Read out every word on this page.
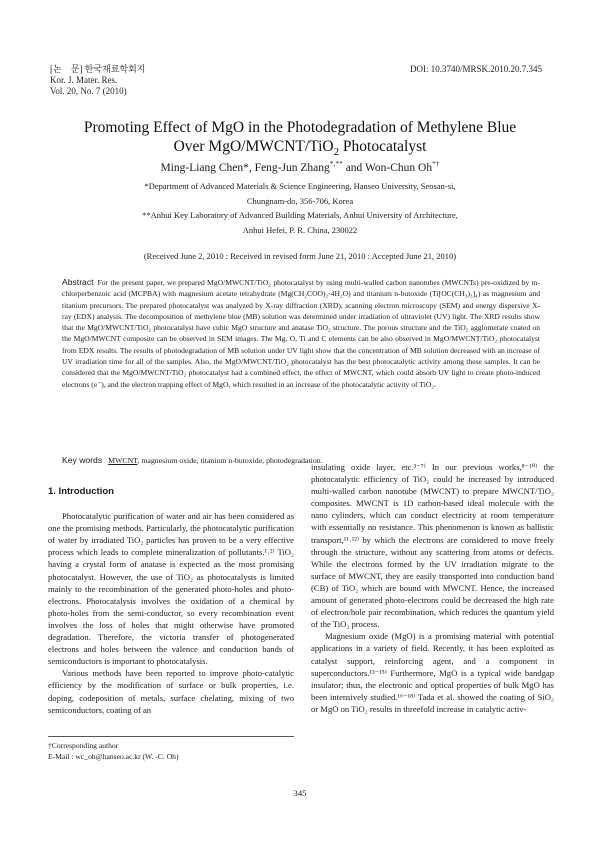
[논　문] 한국재료학회지
Kor. J. Mater. Res.
Vol. 20, No. 7 (2010)
DOI: 10.3740/MRSK.2010.20.7.345
Promoting Effect of MgO in the Photodegradation of Methylene Blue
Over MgO/MWCNT/TiO$_2$ Photocatalyst
Ming-Liang Chen*, Feng-Jun Zhang*,** and Won-Chun Oh*†
*Department of Advanced Materials & Science Engineering, Hanseo University, Seosan-si,
Chungnam-do, 356-706, Korea
**Anhui Key Laboratory of Advanced Building Materials, Anhui University of Architecture,
Anhui Hefei, P. R. China, 230022
(Received June 2, 2010 : Received in revised form June 21, 2010 : Accepted June 21, 2010)
Abstract For the present paper, we prepared MgO/MWCNT/TiO₂ photocatalyst by using multi-walled carbon nanotubes (MWCNTs) pre-oxidized by m-chlorperbenzoic acid (MCPBA) with magnesium acetate tetrahydrate (Mg(CH₂COO)₂·4H₂O) and titanium n-butoxide (Ti[OC(CH₃)₃]₄) as magnesium and titanium precursors. The prepared photocatalyst was analyzed by X-ray diffraction (XRD), scanning electron microscopy (SEM) and energy dispersive X-ray (EDX) analysis. The decomposition of methylene blue (MB) solution was determined under irradiation of ultraviolet (UV) light. The XRD results show that the MgO/MWCNT/TiO₂ photocatalyst have cubic MgO structure and anatase TiO₂ structure. The porous structure and the TiO₂ agglomerate coated on the MgO/MWCNT composite can be observed in SEM images. The Mg, O, Ti and C elements can be also observed in MgO/MWCNT/TiO₂ photocatalyst from EDX results. The results of photodegradation of MB solution under UV light show that the concentration of MB solution decreased with an increase of UV irradiation time for all of the samples. Also, the MgO/MWCNT/TiO₂ photocatalyst has the best photocatalytic activity among these samples. It can be considered that the MgO/MWCNT/TiO₂ photocatalyst had a combined effect, the effect of MWCNT, which could absorb UV light to create photo-induced electrons (e⁻), and the electron trapping effect of MgO, which resulted in an increase of the photocatalytic activity of TiO₂.
Key words MWCNT, magnesium oxide, titanium n-butoxide, photodegradation.
1. Introduction

Photocatalytic purification of water and air has been considered as one the promising methods. Particularly, the photocatalytic purification of water by irradiated TiO₂ particles has proven to be a very effective process which leads to complete mineralization of pollutants.¹˒²⁾ TiO₂ having a crystal form of anatase is expected as the most promising photocatalyst. However, the use of TiO₂ as photocatalysts is limited mainly to the recombination of the generated photo-holes and photo-electrons. Photocatalysis involves the oxidation of a chemical by photo-holes from the semi-conductor, so every recombination event involves the loss of holes that might otherwise have promoted degradation. Therefore, the victoria transfer of photogenerated electrons and holes between the valence and conduction bands of semiconductors is important to photocatalysis.

Various methods have been reported to improve photo-catalytic efficiency by the modification of surface or bulk properties, i.e. doping, codeposition of metals, surface chelating, mixing of two semiconductors, coating of an

insulating oxide layer, etc.³⁻⁷⁾ In our previous works,⁸⁻¹⁰⁾ the photocatalytic efficiency of TiO₂ could be increased by introduced multi-walled carbon nanotube (MWCNT) to prepare MWCNT/TiO₂ composites. MWCNT is 1D carbon-based ideal molecule with the nano cylinders, which can conduct electricity at room temperature with essentially no resistance. This phenomenon is known as ballistic transport,¹¹˒¹²⁾ by which the electrons are considered to move freely through the structure, without any scattering from atoms or defects. While the electrons formed by the UV irradiation migrate to the surface of MWCNT, they are easily transported into conduction band (CB) of TiO₂ which are bound with MWCNT. Hence, the increased amount of generated photo-electrons could be decreased the high rate of electron/hole pair recombination, which reduces the quantum yield of the TiO₂ process.

Magnesium oxide (MgO) is a promising material with potential applications in a variety of field. Recently, it has been exploited as catalyst support, reinforcing agent, and a component in superconductors.¹³⁻¹⁵⁾ Furthermore, MgO is a typical wide bandgap insulator; thus, the electronic and optical properties of bulk MgO has been intensively studied.¹⁶⁻¹⁸⁾ Tada et al. showed the coating of SiO₂ or MgO on TiO₂ results in threefold increase in catalytic activ-

†Corresponding author
E-Mail : wc_oh@hanseo.ac.kr (W. -C. Oh)
345
